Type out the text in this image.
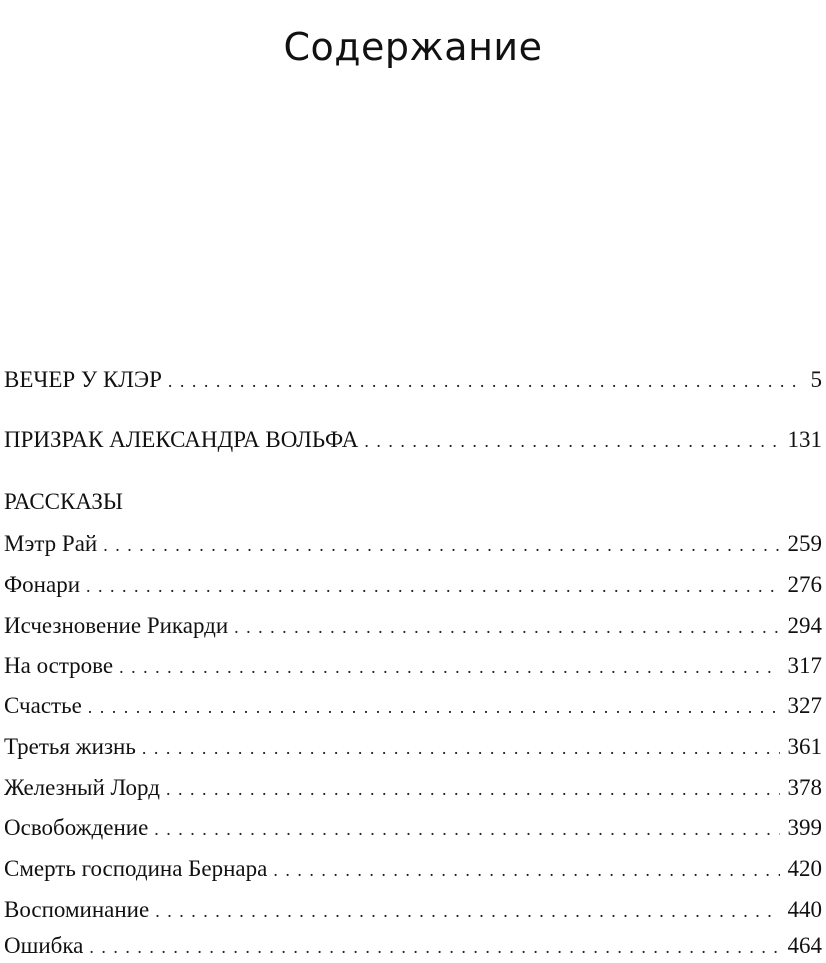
Содержание
ВЕЧЕР У КЛЭР . . .	5
ПРИЗРАК АЛЕКСАНДРА ВОЛЬФА . . .	131
РАССКАЗЫ
Мэтр Рай . . .	259
Фонари . . .	276
Исчезновение Рикарди . . .	294
На острове . . .	317
Счастье . . .	327
Третья жизнь . . .	361
Железный Лорд . . .	378
Освобождение . . .	399
Смерть господина Бернара . . .	420
Воспоминание . . .	440
Ошибка . . .	464
